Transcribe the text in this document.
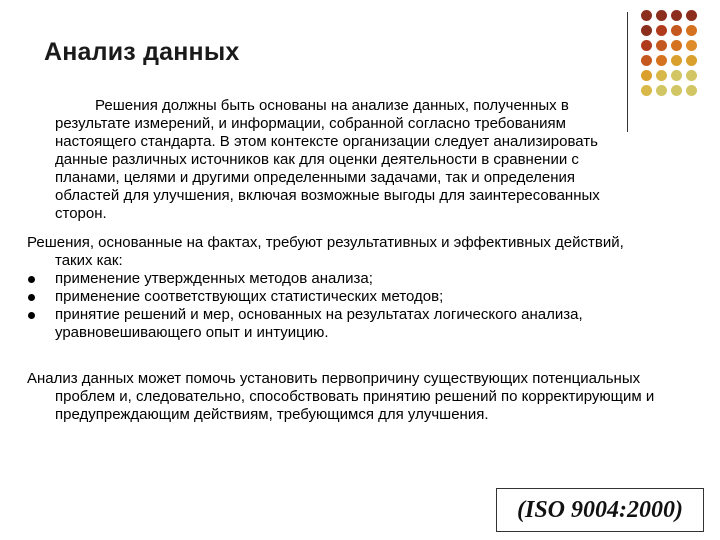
Анализ данных

Решения должны быть основаны на анализе данных, полученных в результате измерений, и информации, собранной согласно требованиям настоящего стандарта. В этом контексте организации следует анализировать данные различных источников как для оценки деятельности в сравнении с планами, целями и другими определенными задачами, так и определения областей для улучшения, включая возможные выгоды для заинтересованных сторон.

Решения, основанные на фактах, требуют результативных и эффективных действий, таких как:
применение утвержденных методов анализа;
применение соответствующих статистических методов;
принятие решений и мер, основанных на результатах логического анализа, уравновешивающего опыт и интуицию.

Анализ данных может помочь установить первопричину существующих потенциальных проблем и, следовательно, способствовать принятию решений по корректирующим и предупреждающим действиям, требующимся для улучшения.

(ISO 9004:2000)
